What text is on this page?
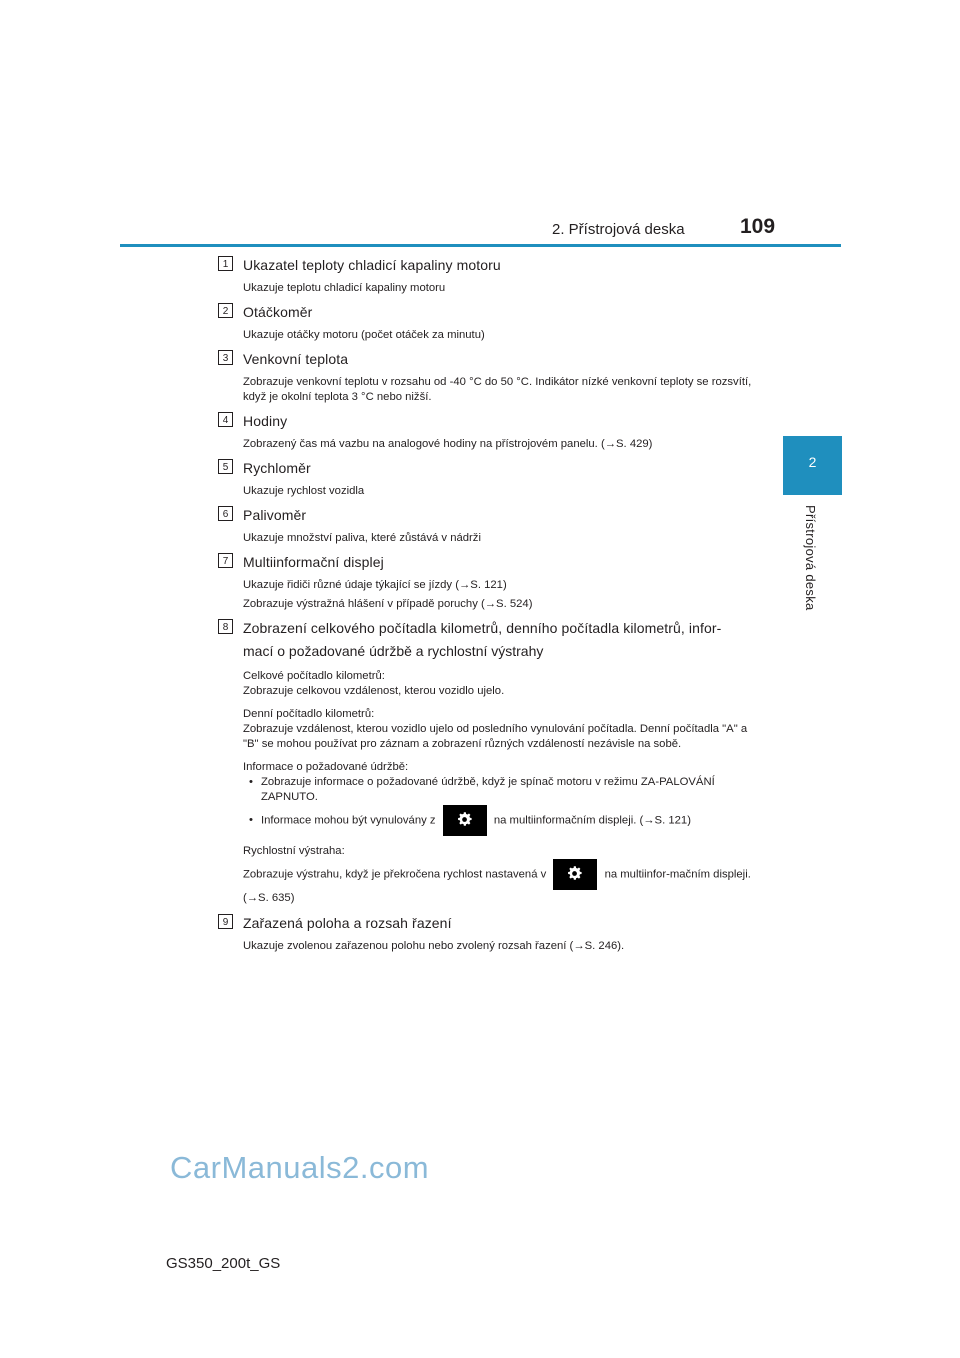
2. Přístrojová deska	109
2
Přístrojová deska
1	Ukazatel teploty chladicí kapaliny motoru

Ukazuje teplotu chladicí kapaliny motoru

2	Otáčkoměr

Ukazuje otáčky motoru (počet otáček za minutu)

3	Venkovní teplota

Zobrazuje venkovní teplotu v rozsahu od -40 °C do 50 °C. Indikátor nízké venkovní teploty se rozsvítí, když je okolní teplota 3 °C nebo nižší.

4	Hodiny

Zobrazený čas má vazbu na analogové hodiny na přístrojovém panelu. (→S. 429)

5	Rychloměr

Ukazuje rychlost vozidla

6	Palivoměr

Ukazuje množství paliva, které zůstává v nádrži

7	Multiinformační displej

Ukazuje řidiči různé údaje týkající se jízdy (→S. 121)

Zobrazuje výstražná hlášení v případě poruchy (→S. 524)

8	Zobrazení celkového počítadla kilometrů, denního počítadla kilometrů, infor-
mací o požadované údržbě a rychlostní výstrahy

Celkové počítadlo kilometrů:

Zobrazuje celkovou vzdálenost, kterou vozidlo ujelo.

Denní počítadlo kilometrů:

Zobrazuje vzdálenost, kterou vozidlo ujelo od posledního vynulování počítadla. Denní počítadla "A" a "B" se mohou používat pro záznam a zobrazení různých vzdáleností nezávisle na sobě.

Informace o požadované údržbě:

• Zobrazuje informace o požadované údržbě, když je spínač motoru v režimu ZA-PALOVÁNÍ ZAPNUTO.

• Informace mohou být vynulovány z	na multiinformačním displeji. (→S. 121)

Rychlostní výstraha:

Zobrazuje výstrahu, když je překročena rychlost nastavená v	na multiinfor-mačním displeji. (→S. 635)

9	Zařazená poloha a rozsah řazení

Ukazuje zvolenou zařazenou polohu nebo zvolený rozsah řazení (→S. 246).

CarManuals2.com
GS350_200t_GS
